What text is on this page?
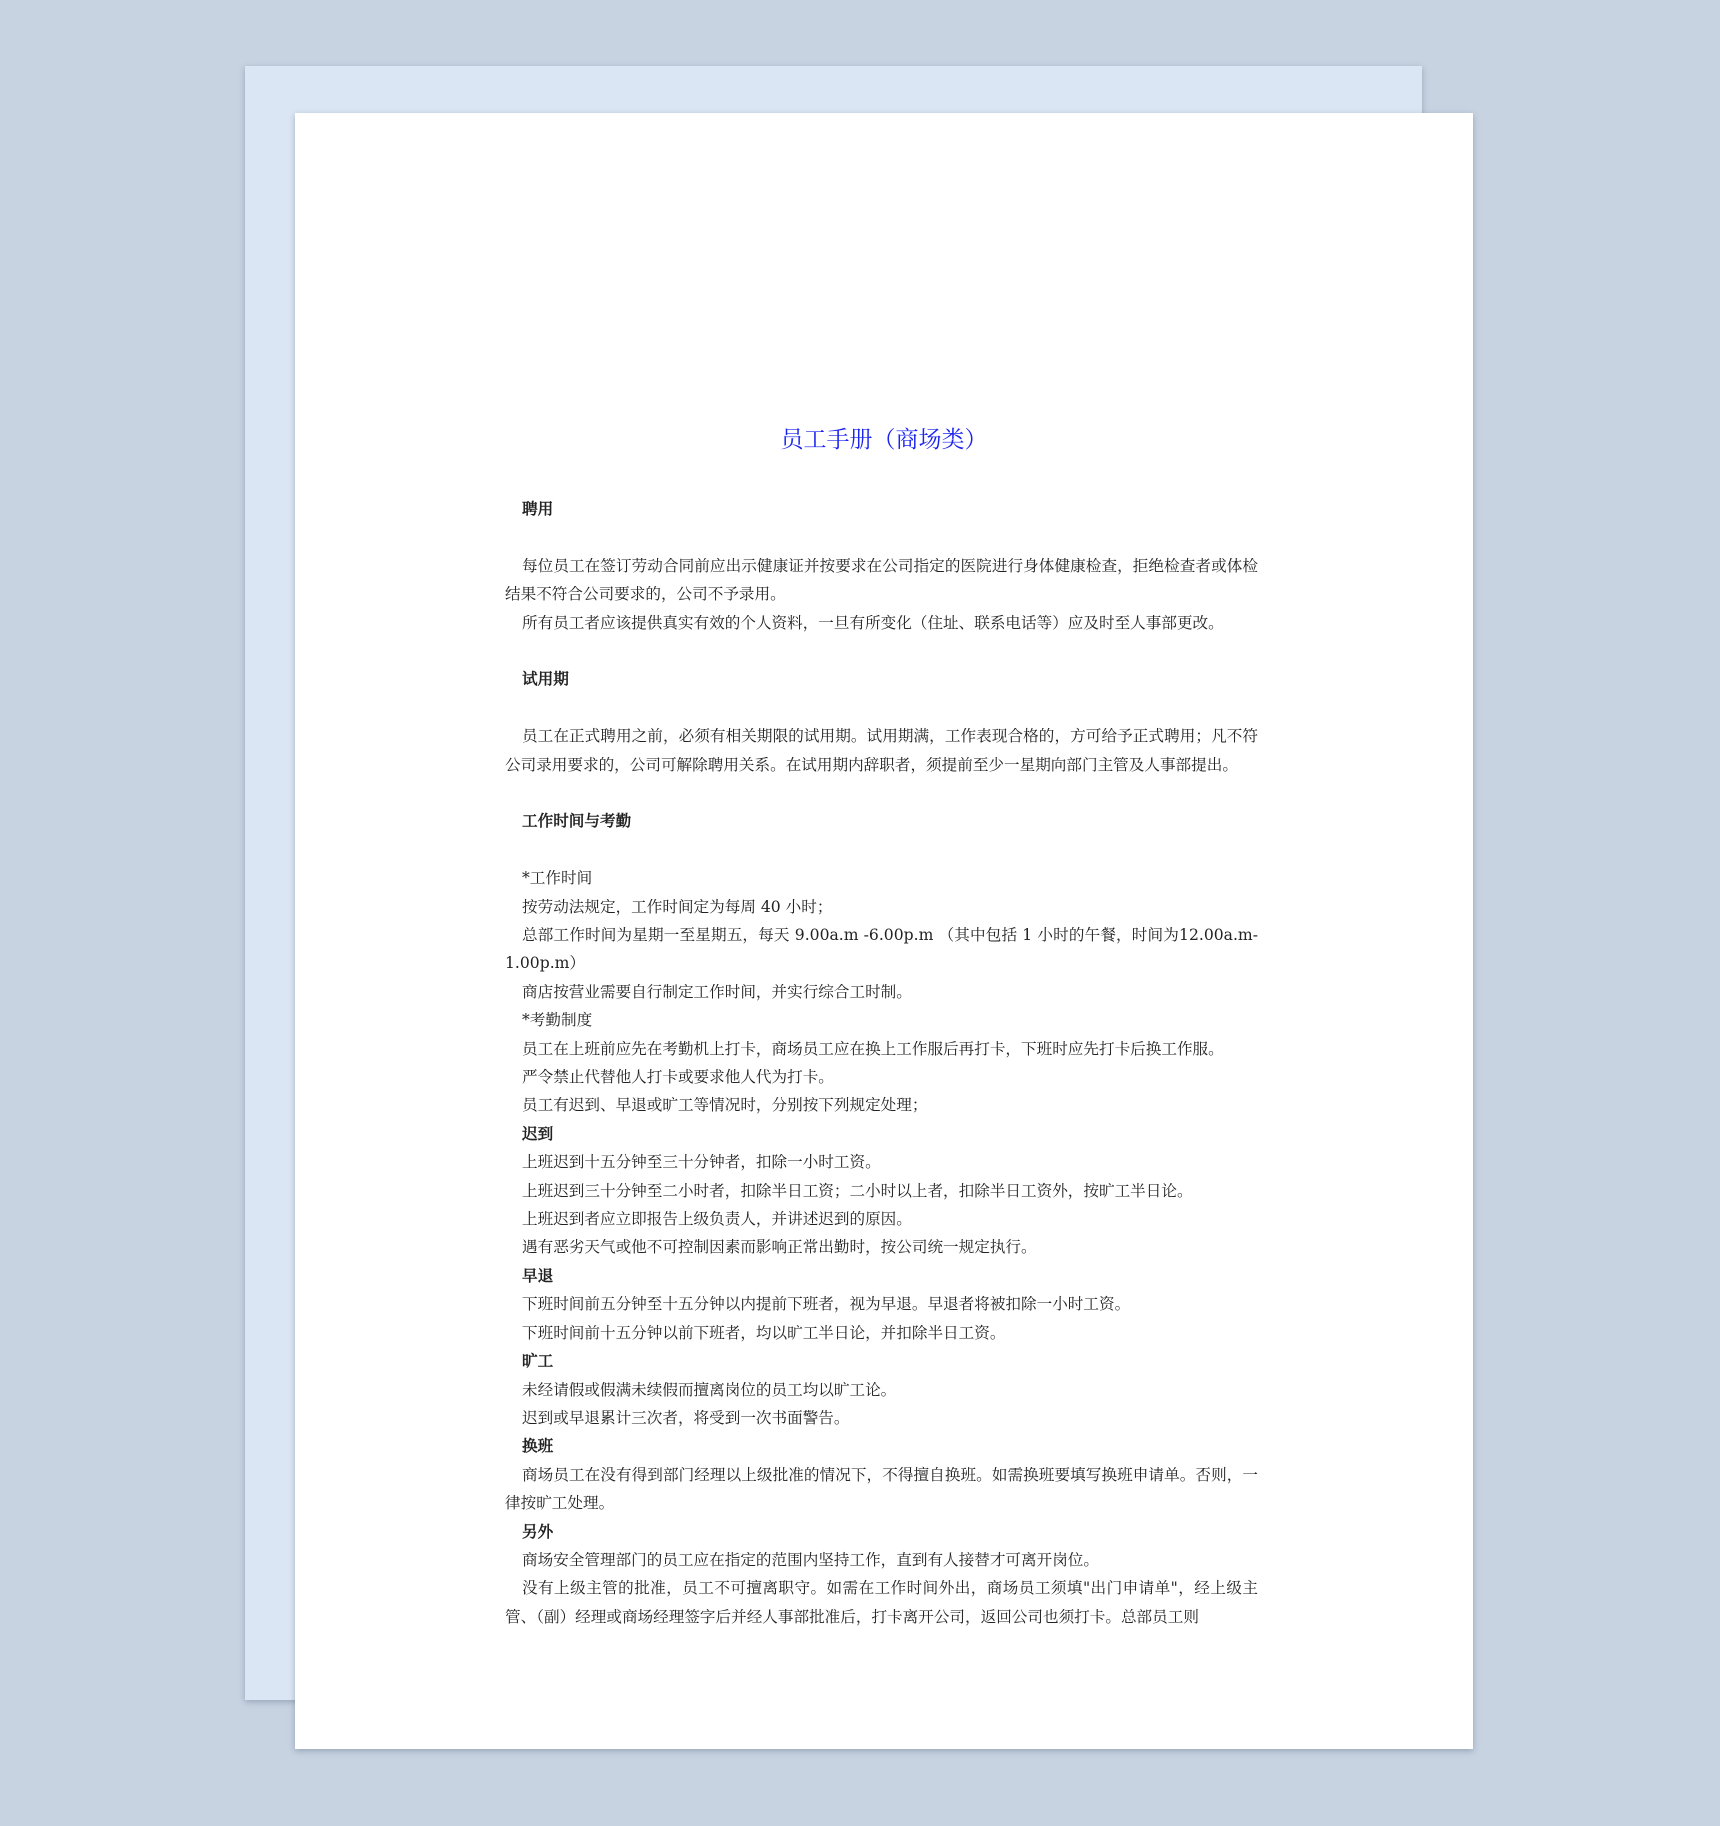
员工手册（商场类）
聘用

每位员工在签订劳动合同前应出示健康证并按要求在公司指定的医院进行身体健康检查，拒绝检查者或体检结果不符合公司要求的，公司不予录用。

所有员工者应该提供真实有效的个人资料，一旦有所变化（住址、联系电话等）应及时至人事部更改。

试用期

员工在正式聘用之前，必须有相关期限的试用期。试用期满，工作表现合格的，方可给予正式聘用；凡不符公司录用要求的，公司可解除聘用关系。在试用期内辞职者，须提前至少一星期向部门主管及人事部提出。

工作时间与考勤

*工作时间

按劳动法规定，工作时间定为每周 40 小时；

总部工作时间为星期一至星期五，每天 9.00a.m -6.00p.m （其中包括 1 小时的午餐，时间为12.00a.m-1.00p.m）

商店按营业需要自行制定工作时间，并实行综合工时制。

*考勤制度

员工在上班前应先在考勤机上打卡，商场员工应在换上工作服后再打卡，下班时应先打卡后换工作服。

严令禁止代替他人打卡或要求他人代为打卡。

员工有迟到、早退或旷工等情况时，分别按下列规定处理；

迟到

上班迟到十五分钟至三十分钟者，扣除一小时工资。

上班迟到三十分钟至二小时者，扣除半日工资；二小时以上者，扣除半日工资外，按旷工半日论。

上班迟到者应立即报告上级负责人，并讲述迟到的原因。

遇有恶劣天气或他不可控制因素而影响正常出勤时，按公司统一规定执行。

早退

下班时间前五分钟至十五分钟以内提前下班者，视为早退。早退者将被扣除一小时工资。

下班时间前十五分钟以前下班者，均以旷工半日论，并扣除半日工资。

旷工

未经请假或假满未续假而擅离岗位的员工均以旷工论。

迟到或早退累计三次者，将受到一次书面警告。

换班

商场员工在没有得到部门经理以上级批准的情况下，不得擅自换班。如需换班要填写换班申请单。否则，一律按旷工处理。

另外

商场安全管理部门的员工应在指定的范围内坚持工作，直到有人接替才可离开岗位。

没有上级主管的批准，员工不可擅离职守。如需在工作时间外出，商场员工须填"出门申请单"，经上级主管、（副）经理或商场经理签字后并经人事部批准后，打卡离开公司，返回公司也须打卡。总部员工则
